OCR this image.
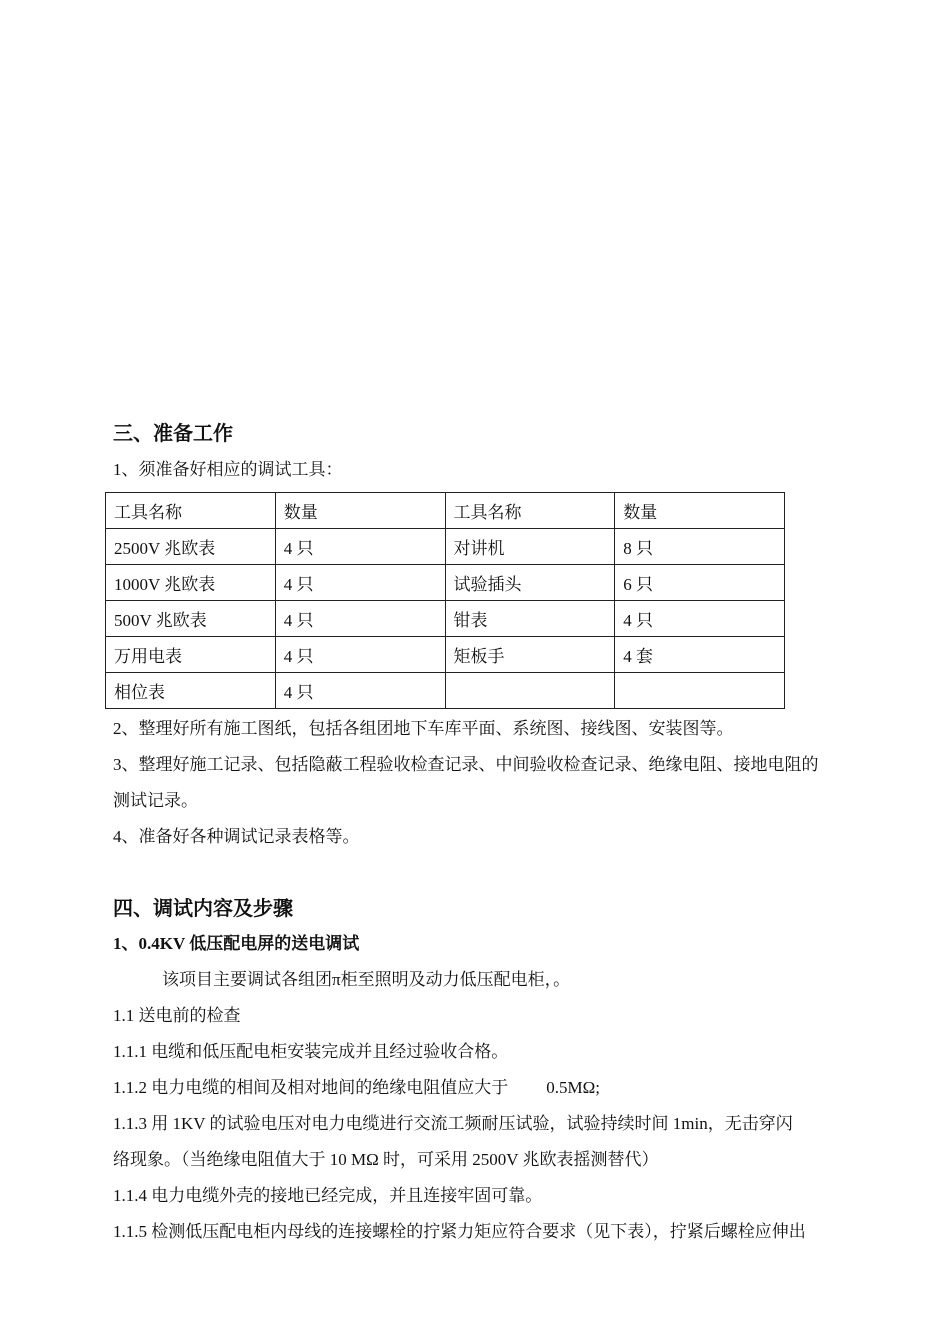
三、准备工作
1、须准备好相应的调试工具：
工具名称	数量	工具名称	数量
2500V 兆欧表	4 只	对讲机	8 只
1000V 兆欧表	4 只	试验插头	6 只
500V 兆欧表	4 只	钳表	4 只
万用电表	4 只	矩板手	4 套
相位表	4 只		
2、整理好所有施工图纸，包括各组团地下车库平面、系统图、接线图、安装图等。
3、整理好施工记录、包括隐蔽工程验收检查记录、中间验收检查记录、绝缘电阻、接地电阻的
测试记录。
4、准备好各种调试记录表格等。
四、调试内容及步骤
1、0.4KV 低压配电屏的送电调试
该项目主要调试各组团π柜至照明及动力低压配电柜，。
1.1 送电前的检查
1.1.1 电缆和低压配电柜安装完成并且经过验收合格。
1.1.2 电力电缆的相间及相对地间的绝缘电阻值应大于 0.5MΩ;
1.1.3 用 1KV 的试验电压对电力电缆进行交流工频耐压试验，试验持续时间 1min，无击穿闪
络现象。（当绝缘电阻值大于 10 MΩ 时，可采用 2500V 兆欧表摇测替代）
1.1.4 电力电缆外壳的接地已经完成，并且连接牢固可靠。
1.1.5 检测低压配电柜内母线的连接螺栓的拧紧力矩应符合要求（见下表），拧紧后螺栓应伸出
